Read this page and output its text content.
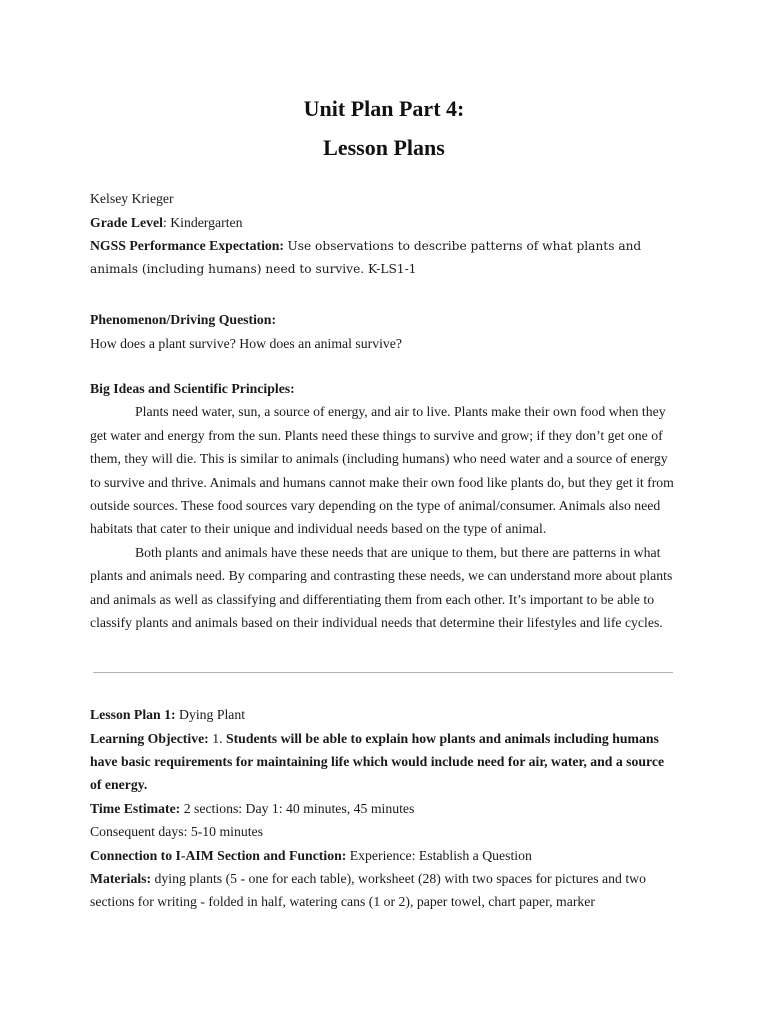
Unit Plan Part 4:
Lesson Plans
Kelsey Krieger
Grade Level: Kindergarten
NGSS Performance Expectation: Use observations to describe patterns of what plants and
animals (including humans) need to survive. K-LS1-1
Phenomenon/Driving Question:
How does a plant survive? How does an animal survive?
Big Ideas and Scientific Principles:
Plants need water, sun, a source of energy, and air to live. Plants make their own food when they
get water and energy from the sun. Plants need these things to survive and grow; if they don’t get one of
them, they will die. This is similar to animals (including humans) who need water and a source of energy
to survive and thrive. Animals and humans cannot make their own food like plants do, but they get it from
outside sources. These food sources vary depending on the type of animal/consumer. Animals also need
habitats that cater to their unique and individual needs based on the type of animal.
Both plants and animals have these needs that are unique to them, but there are patterns in what
plants and animals need. By comparing and contrasting these needs, we can understand more about plants
and animals as well as classifying and differentiating them from each other. It’s important to be able to
classify plants and animals based on their individual needs that determine their lifestyles and life cycles.
Lesson Plan 1: Dying Plant
Learning Objective: 1. Students will be able to explain how plants and animals including humans
have basic requirements for maintaining life which would include need for air, water, and a source
of energy.
Time Estimate: 2 sections: Day 1: 40 minutes, 45 minutes
Consequent days: 5-10 minutes
Connection to I-AIM Section and Function: Experience: Establish a Question
Materials: dying plants (5 - one for each table), worksheet (28) with two spaces for pictures and two
sections for writing - folded in half, watering cans (1 or 2), paper towel, chart paper, marker
